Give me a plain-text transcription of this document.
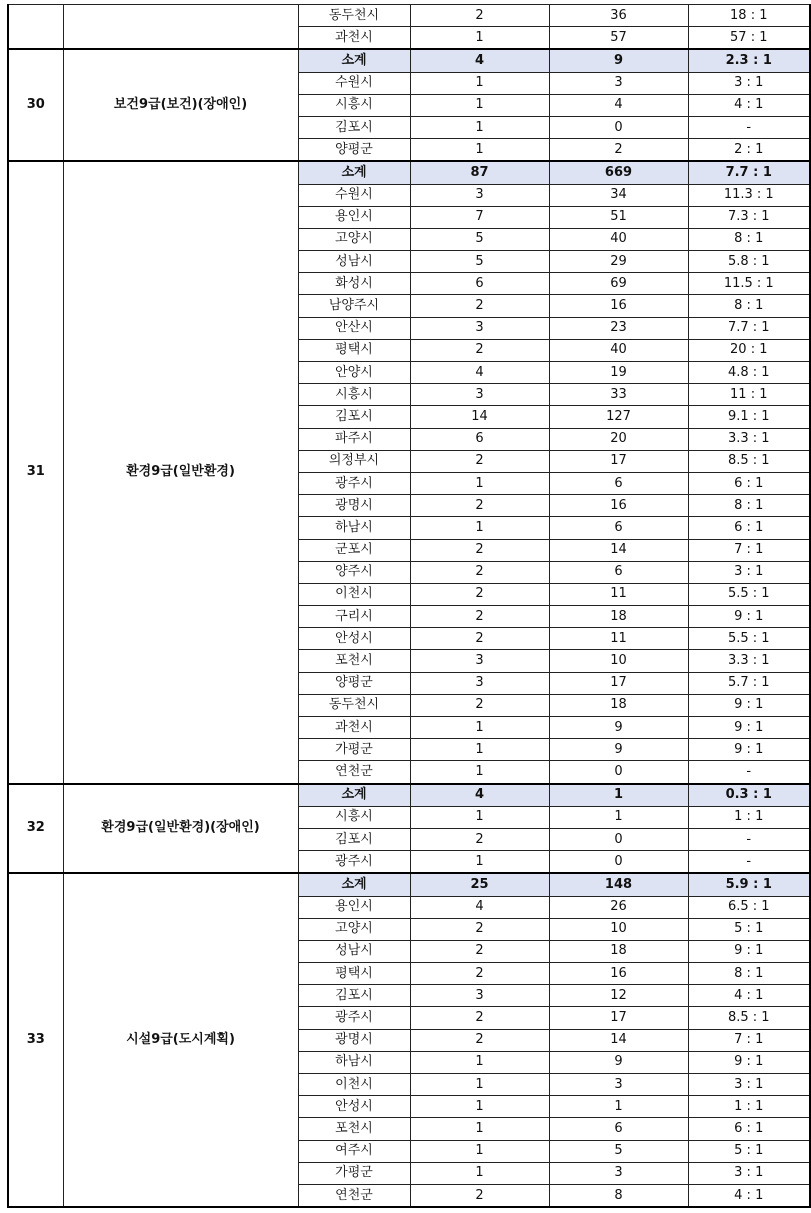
		동두천시	2	36	18 : 1
		과천시	1	57	57 : 1
30	보건9급(보건)(장애인)	소계	4	9	2.3 : 1
		수원시	1	3	3 : 1
		시흥시	1	4	4 : 1
		김포시	1	0	-
		양평군	1	2	2 : 1
31	환경9급(일반환경)	소계	87	669	7.7 : 1
		수원시	3	34	11.3 : 1
		용인시	7	51	7.3 : 1
		고양시	5	40	8 : 1
		성남시	5	29	5.8 : 1
		화성시	6	69	11.5 : 1
		남양주시	2	16	8 : 1
		안산시	3	23	7.7 : 1
		평택시	2	40	20 : 1
		안양시	4	19	4.8 : 1
		시흥시	3	33	11 : 1
		김포시	14	127	9.1 : 1
		파주시	6	20	3.3 : 1
		의정부시	2	17	8.5 : 1
		광주시	1	6	6 : 1
		광명시	2	16	8 : 1
		하남시	1	6	6 : 1
		군포시	2	14	7 : 1
		양주시	2	6	3 : 1
		이천시	2	11	5.5 : 1
		구리시	2	18	9 : 1
		안성시	2	11	5.5 : 1
		포천시	3	10	3.3 : 1
		양평군	3	17	5.7 : 1
		동두천시	2	18	9 : 1
		과천시	1	9	9 : 1
		가평군	1	9	9 : 1
		연천군	1	0	-
32	환경9급(일반환경)(장애인)	소계	4	1	0.3 : 1
		시흥시	1	1	1 : 1
		김포시	2	0	-
		광주시	1	0	-
33	시설9급(도시계획)	소계	25	148	5.9 : 1
		용인시	4	26	6.5 : 1
		고양시	2	10	5 : 1
		성남시	2	18	9 : 1
		평택시	2	16	8 : 1
		김포시	3	12	4 : 1
		광주시	2	17	8.5 : 1
		광명시	2	14	7 : 1
		하남시	1	9	9 : 1
		이천시	1	3	3 : 1
		안성시	1	1	1 : 1
		포천시	1	6	6 : 1
		여주시	1	5	5 : 1
		가평군	1	3	3 : 1
		연천군	2	8	4 : 1
